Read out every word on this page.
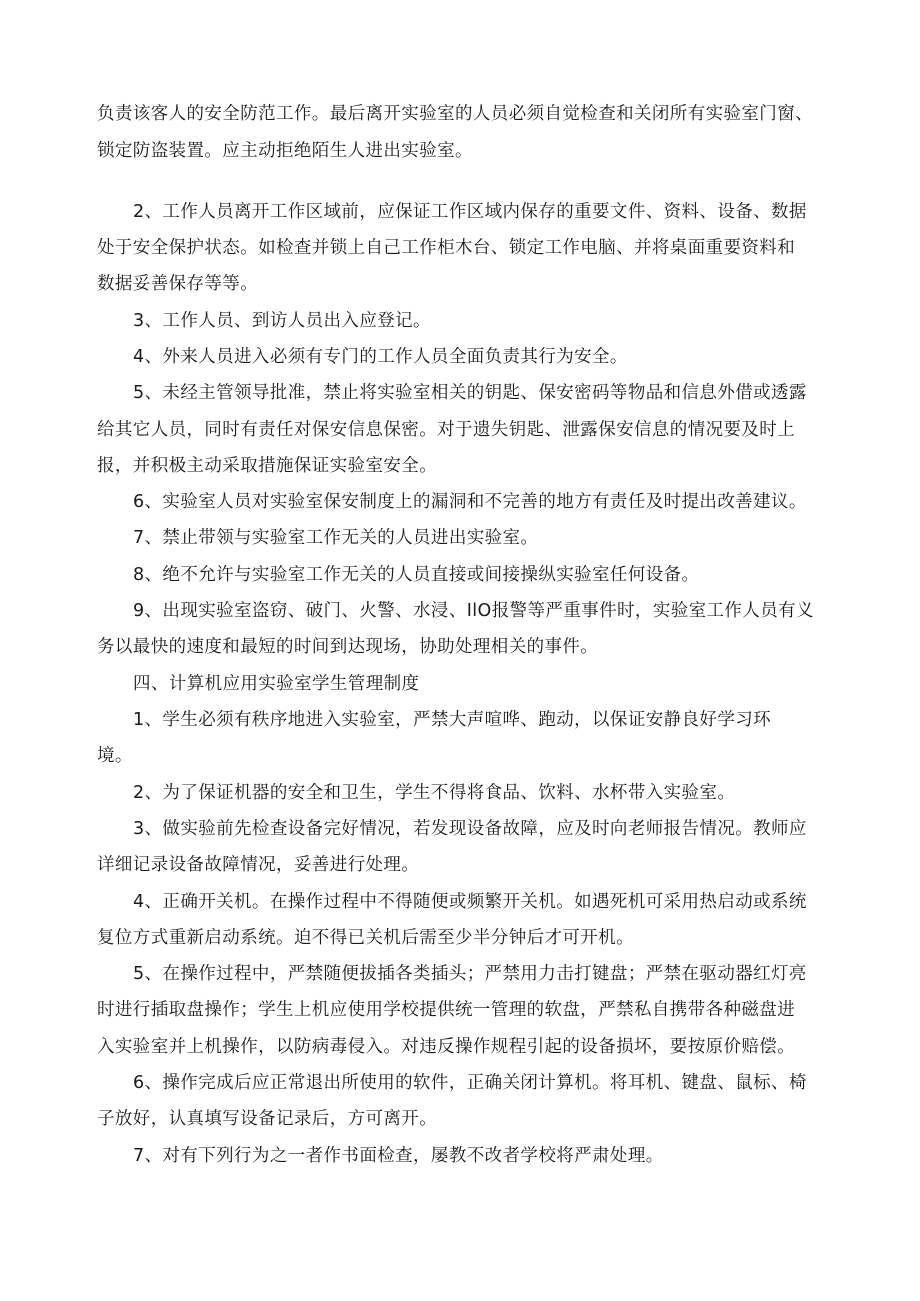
负责该客人的安全防范工作。最后离开实验室的人员必须自觉检查和关闭所有实验室门窗、
锁定防盗装置。应主动拒绝陌生人进出实验室。
2、工作人员离开工作区域前，应保证工作区域内保存的重要文件、资料、设备、数据
处于安全保护状态。如检查并锁上自己工作柜木台、锁定工作电脑、并将桌面重要资料和
数据妥善保存等等。
3、工作人员、到访人员出入应登记。
4、外来人员进入必须有专门的工作人员全面负责其行为安全。
5、未经主管领导批准，禁止将实验室相关的钥匙、保安密码等物品和信息外借或透露
给其它人员，同时有责任对保安信息保密。对于遗失钥匙、泄露保安信息的情况要及时上
报，并积极主动采取措施保证实验室安全。
6、实验室人员对实验室保安制度上的漏洞和不完善的地方有责任及时提出改善建议。
7、禁止带领与实验室工作无关的人员进出实验室。
8、绝不允许与实验室工作无关的人员直接或间接操纵实验室任何设备。
9、出现实验室盗窃、破门、火警、水浸、IlO报警等严重事件时，实验室工作人员有义
务以最快的速度和最短的时间到达现场，协助处理相关的事件。
四、计算机应用实验室学生管理制度
1、学生必须有秩序地进入实验室，严禁大声喧哗、跑动，以保证安静良好学习环
境。
2、为了保证机器的安全和卫生，学生不得将食品、饮料、水杯带入实验室。
3、做实验前先检查设备完好情况，若发现设备故障，应及时向老师报告情况。教师应
详细记录设备故障情况，妥善进行处理。
4、正确开关机。在操作过程中不得随便或频繁开关机。如遇死机可采用热启动或系统
复位方式重新启动系统。迫不得已关机后需至少半分钟后才可开机。
5、在操作过程中，严禁随便拔插各类插头；严禁用力击打键盘；严禁在驱动器红灯亮
时进行插取盘操作；学生上机应使用学校提供统一管理的软盘，严禁私自携带各种磁盘进
入实验室并上机操作，以防病毒侵入。对违反操作规程引起的设备损坏，要按原价赔偿。
6、操作完成后应正常退出所使用的软件，正确关闭计算机。将耳机、键盘、鼠标、椅
子放好，认真填写设备记录后，方可离开。
7、对有下列行为之一者作书面检查，屡教不改者学校将严肃处理。
